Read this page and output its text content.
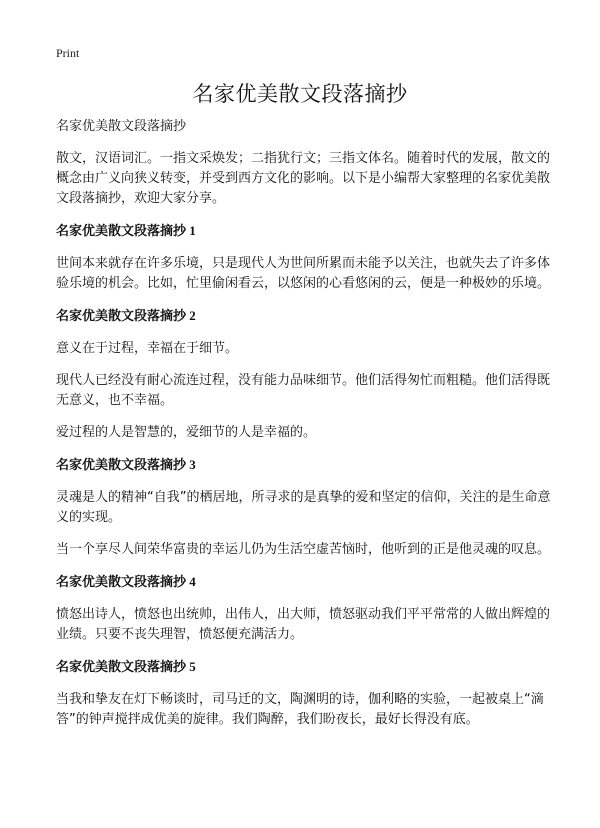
Print
名家优美散文段落摘抄

名家优美散文段落摘抄

散文，汉语词汇。一指文采焕发；二指犹行文；三指文体名。随着时代的发展，散文的概念由广义向狭义转变，并受到西方文化的影响。以下是小编帮大家整理的名家优美散文段落摘抄，欢迎大家分享。

名家优美散文段落摘抄 1

世间本来就存在许多乐境，只是现代人为世间所累而未能予以关注，也就失去了许多体验乐境的机会。比如，忙里偷闲看云，以悠闲的心看悠闲的云，便是一种极妙的乐境。

名家优美散文段落摘抄 2

意义在于过程，幸福在于细节。

现代人已经没有耐心流连过程，没有能力品味细节。他们活得匆忙而粗糙。他们活得既无意义，也不幸福。

爱过程的人是智慧的，爱细节的人是幸福的。

名家优美散文段落摘抄 3

灵魂是人的精神“自我”的栖居地，所寻求的是真挚的爱和坚定的信仰，关注的是生命意义的实现。

当一个享尽人间荣华富贵的幸运儿仍为生活空虚苦恼时，他听到的正是他灵魂的叹息。

名家优美散文段落摘抄 4

愤怒出诗人，愤怒也出统帅，出伟人，出大师，愤怒驱动我们平平常常的人做出辉煌的业绩。只要不丧失理智，愤怒便充满活力。

名家优美散文段落摘抄 5

当我和挚友在灯下畅谈时，司马迁的文，陶渊明的诗，伽利略的实验，一起被桌上“滴答”的钟声搅拌成优美的旋律。我们陶醉，我们盼夜长，最好长得没有底。
